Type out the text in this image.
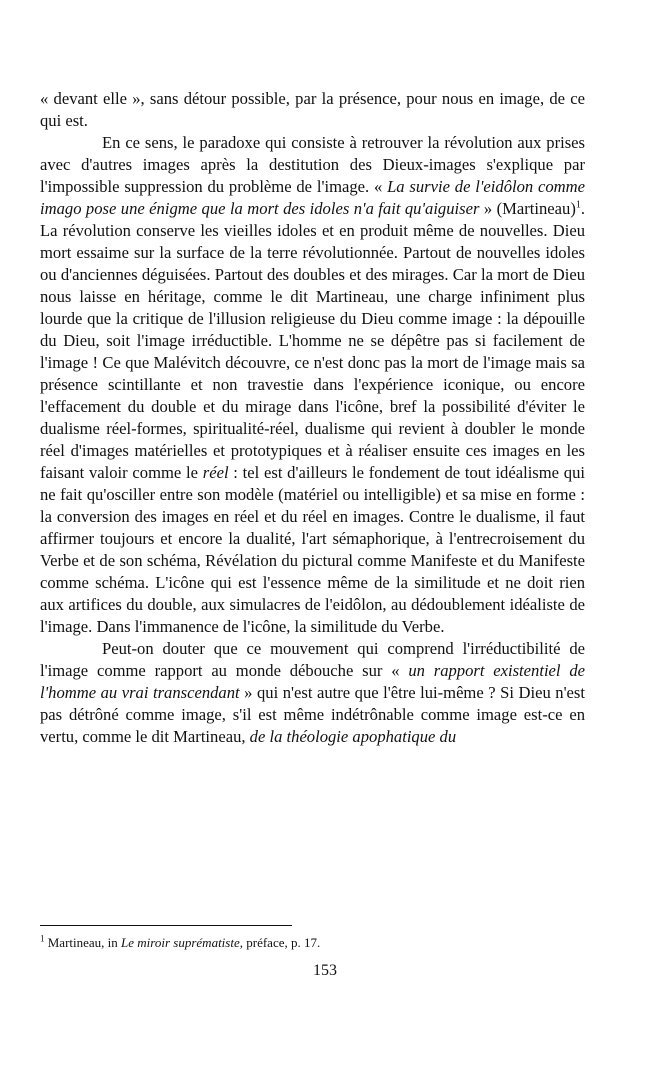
« devant elle », sans détour possible, par la présence, pour nous en image, de ce qui est.

En ce sens, le paradoxe qui consiste à retrouver la révolution aux prises avec d'autres images après la destitution des Dieux-images s'explique par l'impossible suppression du problème de l'image. « La survie de l'eidôlon comme imago pose une énigme que la mort des idoles n'a fait qu'aiguiser » (Martineau)$^1$. La révolution conserve les vieilles idoles et en produit même de nouvelles. Dieu mort essaime sur la surface de la terre révolutionnée. Partout de nouvelles idoles ou d'anciennes déguisées. Partout des doubles et des mirages. Car la mort de Dieu nous laisse en héritage, comme le dit Martineau, une charge infiniment plus lourde que la critique de l'illusion religieuse du Dieu comme image : la dépouille du Dieu, soit l'image irréductible. L'homme ne se dépêtre pas si facilement de l'image ! Ce que Malévitch découvre, ce n'est donc pas la mort de l'image mais sa présence scintillante et non travestie dans l'expérience iconique, ou encore l'effacement du double et du mirage dans l'icône, bref la possibilité d'éviter le dualisme réel-formes, spiritualité-réel, dualisme qui revient à doubler le monde réel d'images matérielles et prototypiques et à réaliser ensuite ces images en les faisant valoir comme le réel : tel est d'ailleurs le fondement de tout idéalisme qui ne fait qu'osciller entre son modèle (matériel ou intelligible) et sa mise en forme : la conversion des images en réel et du réel en images. Contre le dualisme, il faut affirmer toujours et encore la dualité, l'art sémaphorique, à l'entrecroisement du Verbe et de son schéma, Révélation du pictural comme Manifeste et du Manifeste comme schéma. L'icône qui est l'essence même de la similitude et ne doit rien aux artifices du double, aux simulacres de l'eidôlon, au dédoublement idéaliste de l'image. Dans l'immanence de l'icône, la similitude du Verbe.

Peut-on douter que ce mouvement qui comprend l'irréductibilité de l'image comme rapport au monde débouche sur « un rapport existentiel de l'homme au vrai transcendant » qui n'est autre que l'être lui-même ? Si Dieu n'est pas détrôné comme image, s'il est même indétrônable comme image est-ce en vertu, comme le dit Martineau, de la théologie apophatique du

$^1$ Martineau, in Le miroir suprématiste, préface, p. 17.
153
